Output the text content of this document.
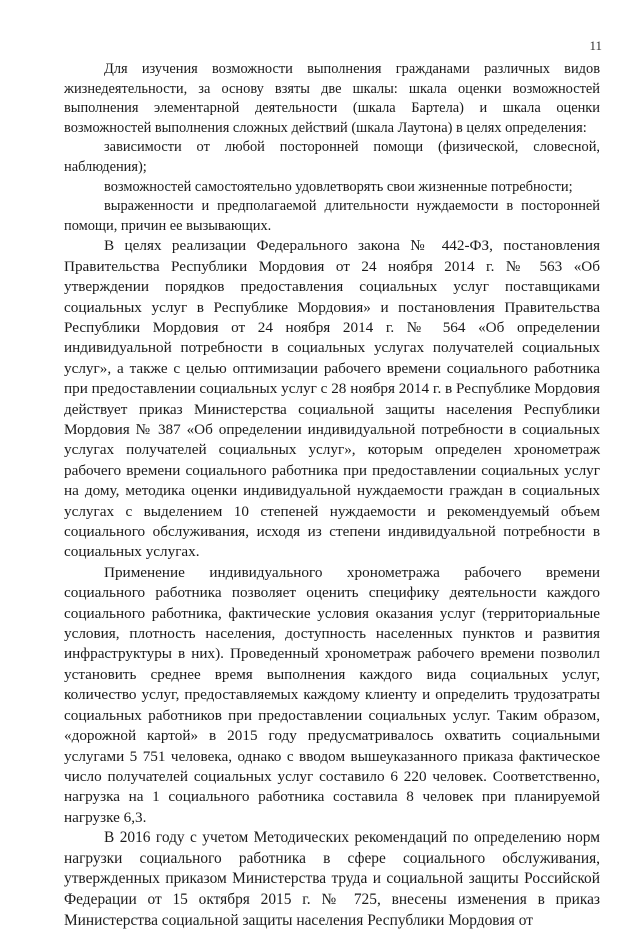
11

Для изучения возможности выполнения гражданами различных видов жизнедеятельности, за основу взяты две шкалы: шкала оценки возможностей выполнения элементарной деятельности (шкала Бартела) и шкала оценки возможностей выполнения сложных действий (шкала Лаутона) в целях определения:

зависимости от любой посторонней помощи (физической, словесной, наблюдения);

возможностей самостоятельно удовлетворять свои жизненные потребности;

выраженности и предполагаемой длительности нуждаемости в посторонней помощи, причин ее вызывающих.

В целях реализации Федерального закона № 442-ФЗ, постановления Правительства Республики Мордовия от 24 ноября 2014 г. № 563 «Об утверждении порядков предоставления социальных услуг поставщиками социальных услуг в Республике Мордовия» и постановления Правительства Республики Мордовия от 24 ноября 2014 г. № 564 «Об определении индивидуальной потребности в социальных услугах получателей социальных услуг», а также с целью оптимизации рабочего времени социального работника при предоставлении социальных услуг с 28 ноября 2014 г. в Республике Мордовия действует приказ Министерства социальной защиты населения Республики Мордовия № 387 «Об определении индивидуальной потребности в социальных услугах получателей социальных услуг», которым определен хронометраж рабочего времени социального работника при предоставлении социальных услуг на дому, методика оценки индивидуальной нуждаемости граждан в социальных услугах с выделением 10 степеней нуждаемости и рекомендуемый объем социального обслуживания, исходя из степени индивидуальной потребности в социальных услугах.

Применение индивидуального хронометража рабочего времени социального работника позволяет оценить специфику деятельности каждого социального работника, фактические условия оказания услуг (территориальные условия, плотность населения, доступность населенных пунктов и развития инфраструктуры в них). Проведенный хронометраж рабочего времени позволил установить среднее время выполнения каждого вида социальных услуг, количество услуг, предоставляемых каждому клиенту и определить трудозатраты социальных работников при предоставлении социальных услуг. Таким образом, «дорожной картой» в 2015 году предусматривалось охватить социальными услугами 5 751 человека, однако с вводом вышеуказанного приказа фактическое число получателей социальных услуг составило 6 220 человек. Соответственно, нагрузка на 1 социального работника составила 8 человек при планируемой нагрузке 6,3.

В 2016 году с учетом Методических рекомендаций по определению норм нагрузки социального работника в сфере социального обслуживания, утвержденных приказом Министерства труда и социальной защиты Российской Федерации от 15 октября 2015 г. № 725, внесены изменения в приказ Министерства социальной защиты населения Республики Мордовия от
